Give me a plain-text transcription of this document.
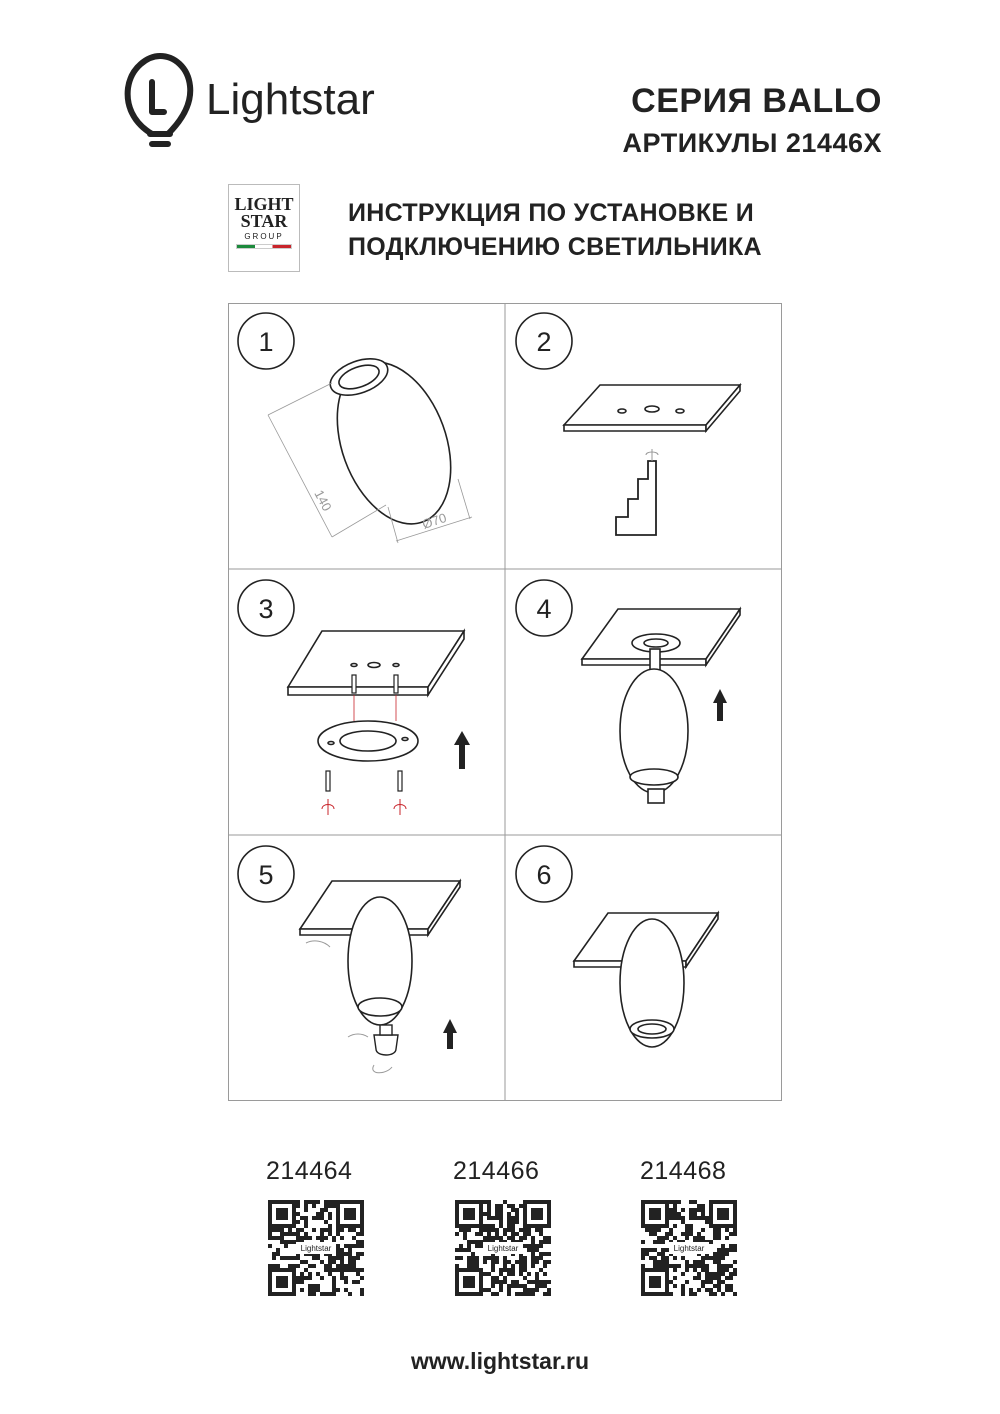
Lightstar	СЕРИЯ BALLO
АРТИКУЛЫ 21446X
LIGHT
STAR
GROUP
ИНСТРУКЦИЯ ПО УСТАНОВКЕ И
ПОДКЛЮЧЕНИЮ СВЕТИЛЬНИКА
1
140
Ø70
2
3	4
5	6
214464	214466	214468
Lightstar	Lightstar	Lightstar
www.lightstar.ru
